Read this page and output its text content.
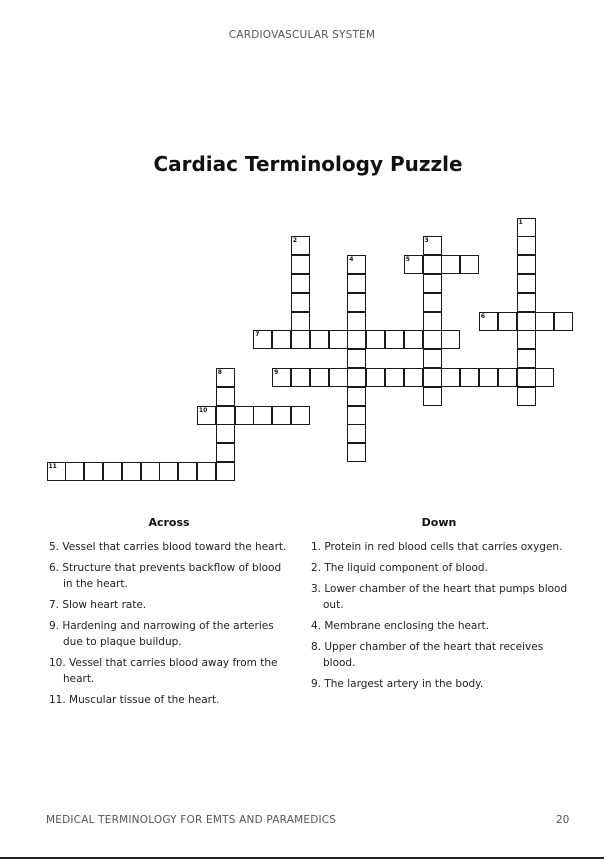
CARDIOVASCULAR SYSTEM
Cardiac Terminology Puzzle
1
2	3
4	5
6
7
8	9
10
11
Across
5. Vessel that carries blood toward the heart.
6. Structure that prevents backflow of blood in the heart.
7. Slow heart rate.
9. Hardening and narrowing of the arteries due to plaque buildup.
10. Vessel that carries blood away from the heart.
11. Muscular tissue of the heart.
Down
1. Protein in red blood cells that carries oxygen.
2. The liquid component of blood.
3. Lower chamber of the heart that pumps blood out.
4. Membrane enclosing the heart.
8. Upper chamber of the heart that receives blood.
9. The largest artery in the body.
MEDICAL TERMINOLOGY FOR EMTS AND PARAMEDICS	20
